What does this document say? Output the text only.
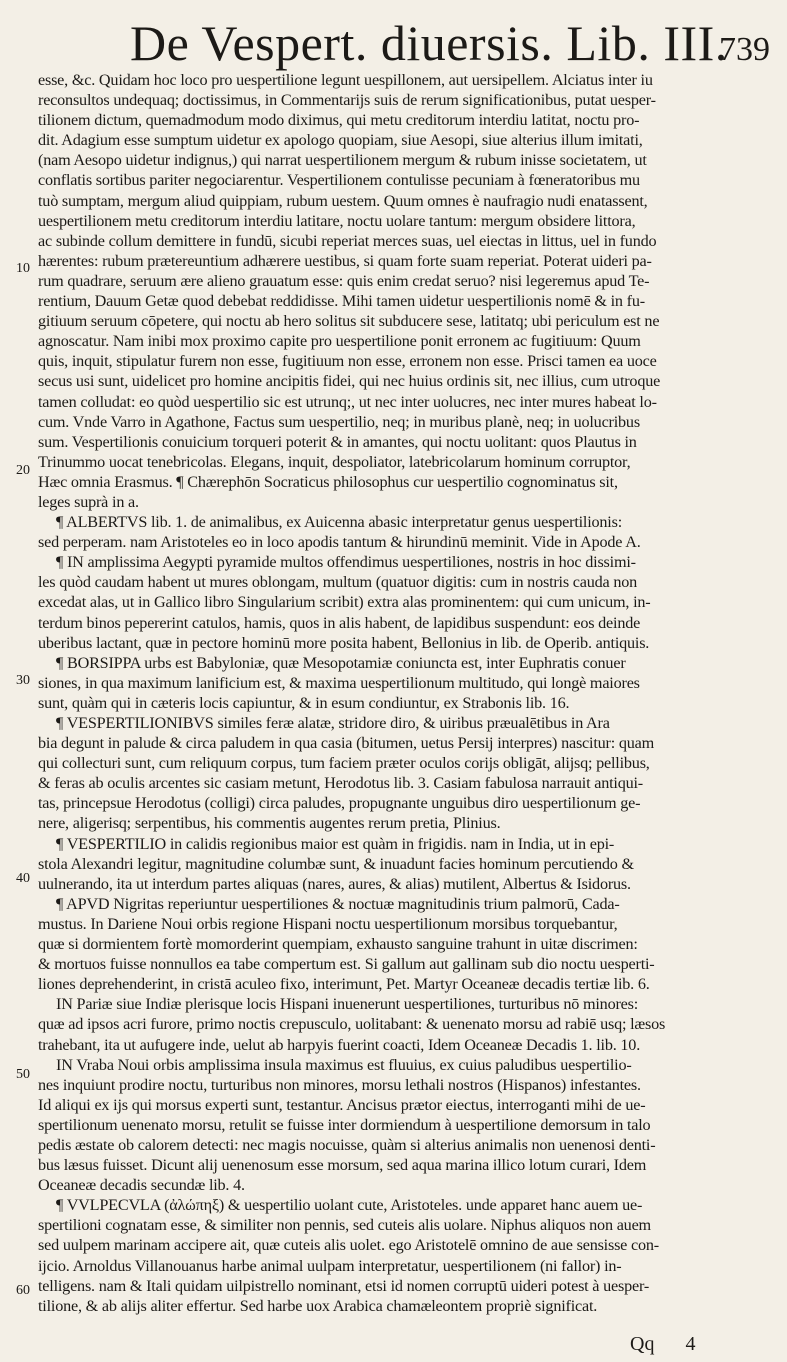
De Vespert. diuersis. Lib. III.
739
10
20
30
40
50
60
esse, &c. Quidam hoc loco pro uespertilione legunt uespillonem, aut uersipellem. Alciatus inter iu
reconsultos undequaq; doctissimus, in Commentarijs suis de rerum significationibus, putat uesper-
tilionem dictum, quemadmodum modo diximus, qui metu creditorum interdiu latitat, noctu pro-
dit. Adagium esse sumptum uidetur ex apologo quopiam, siue Aesopi, siue alterius illum imitati,
(nam Aesopo uidetur indignus,) qui narrat uespertilionem mergum & rubum inisse societatem, ut
conflatis sortibus pariter negociarentur. Vespertilionem contulisse pecuniam à fœneratoribus mu
tuò sumptam, mergum aliud quippiam, rubum uestem. Quum omnes è naufragio nudi enatassent,
uespertilionem metu creditorum interdiu latitare, noctu uolare tantum: mergum obsidere littora,
ac subinde collum demittere in fundū, sicubi reperiat merces suas, uel eiectas in littus, uel in fundo
hærentes: rubum prætereuntium adhærere uestibus, si quam forte suam reperiat. Poterat uideri pa-
rum quadrare, seruum ære alieno grauatum esse: quis enim credat seruo? nisi legeremus apud Te-
rentium, Dauum Getæ quod debebat reddidisse. Mihi tamen uidetur uespertilionis nomē & in fu-
gitiuum seruum cōpetere, qui noctu ab hero solitus sit subducere sese, latitatq; ubi periculum est ne
agnoscatur. Nam inibi mox proximo capite pro uespertilione ponit erronem ac fugitiuum: Quum
quis, inquit, stipulatur furem non esse, fugitiuum non esse, erronem non esse. Prisci tamen ea uoce
secus usi sunt, uidelicet pro homine ancipitis fidei, qui nec huius ordinis sit, nec illius, cum utroque
tamen colludat: eo quòd uespertilio sic est utrunq;, ut nec inter uolucres, nec inter mures habeat lo-
cum. Vnde Varro in Agathone, Factus sum uespertilio, neq; in muribus planè, neq; in uolucribus
sum. Vespertilionis conuicium torqueri poterit & in amantes, qui noctu uolitant: quos Plautus in
Trinummo uocat tenebricolas. Elegans, inquit, despoliator, latebricolarum hominum corruptor,
Hæc omnia Erasmus. ¶ Chærephōn Socraticus philosophus cur uespertilio cognominatus sit,
leges suprà in a.
¶ ALBERTVS lib. 1. de animalibus, ex Auicenna abasic interpretatur genus uespertilionis:
sed perperam. nam Aristoteles eo in loco apodis tantum & hirundinū meminit. Vide in Apode A.
¶ IN amplissima Aegypti pyramide multos offendimus uespertiliones, nostris in hoc dissimi-
les quòd caudam habent ut mures oblongam, multum (quatuor digitis: cum in nostris cauda non
excedat alas, ut in Gallico libro Singularium scribit) extra alas prominentem: qui cum unicum, in-
terdum binos pepererint catulos, hamis, quos in alis habent, de lapidibus suspendunt: eos deinde
uberibus lactant, quæ in pectore hominū more posita habent, Bellonius in lib. de Operib. antiquis.
¶ BORSIPPA urbs est Babyloniæ, quæ Mesopotamiæ coniuncta est, inter Euphratis conuer
siones, in qua maximum lanificium est, & maxima uespertilionum multitudo, qui longè maiores
sunt, quàm qui in cæteris locis capiuntur, & in esum condiuntur, ex Strabonis lib. 16.
¶ VESPERTILIONIBVS similes feræ alatæ, stridore diro, & uiribus præualētibus in Ara
bia degunt in palude & circa paludem in qua casia (bitumen, uetus Persij interpres) nascitur: quam
qui collecturi sunt, cum reliquum corpus, tum faciem præter oculos corijs obligāt, alijsq; pellibus,
& feras ab oculis arcentes sic casiam metunt, Herodotus lib. 3. Casiam fabulosa narrauit antiqui-
tas, princepsue Herodotus (colligi) circa paludes, propugnante unguibus diro uespertilionum ge-
nere, aligerisq; serpentibus, his commentis augentes rerum pretia, Plinius.
¶ VESPERTILIO in calidis regionibus maior est quàm in frigidis. nam in India, ut in epi-
stola Alexandri legitur, magnitudine columbæ sunt, & inuadunt facies hominum percutiendo &
uulnerando, ita ut interdum partes aliquas (nares, aures, & alias) mutilent, Albertus & Isidorus.
¶ APVD Nigritas reperiuntur uespertiliones & noctuæ magnitudinis trium palmorū, Cada-
mustus. In Dariene Noui orbis regione Hispani noctu uespertilionum morsibus torquebantur,
quæ si dormientem fortè momorderint quempiam, exhausto sanguine trahunt in uitæ discrimen:
& mortuos fuisse nonnullos ea tabe compertum est. Si gallum aut gallinam sub dio noctu uesperti-
liones deprehenderint, in cristā aculeo fixo, interimunt, Pet. Martyr Oceaneæ decadis tertiæ lib. 6.
IN Pariæ siue Indiæ plerisque locis Hispani inuenerunt uespertiliones, turturibus nō minores:
quæ ad ipsos acri furore, primo noctis crepusculo, uolitabant: & uenenato morsu ad rabiē usq; læsos
trahebant, ita ut aufugere inde, uelut ab harpyis fuerint coacti, Idem Oceaneæ Decadis 1. lib. 10.
IN Vraba Noui orbis amplissima insula maximus est fluuius, ex cuius paludibus uespertilio-
nes inquiunt prodire noctu, turturibus non minores, morsu lethali nostros (Hispanos) infestantes.
Id aliqui ex ijs qui morsus experti sunt, testantur. Ancisus prætor eiectus, interroganti mihi de ue-
spertilionum uenenato morsu, retulit se fuisse inter dormiendum à uespertilione demorsum in talo
pedis æstate ob calorem detecti: nec magis nocuisse, quàm si alterius animalis non uenenosi denti-
bus læsus fuisset. Dicunt alij uenenosum esse morsum, sed aqua marina illico lotum curari, Idem
Oceaneæ decadis secundæ lib. 4.
¶ VVLPECVLA (ἀλώπηξ) & uespertilio uolant cute, Aristoteles. unde apparet hanc auem ue-
spertilioni cognatam esse, & similiter non pennis, sed cuteis alis uolare. Niphus aliquos non auem
sed uulpem marinam accipere ait, quæ cuteis alis uolet. ego Aristotelē omnino de aue sensisse con-
ijcio. Arnoldus Villanouanus harbe animal uulpam interpretatur, uespertilionem (ni fallor) in-
telligens. nam & Itali quidam uilpistrello nominant, etsi id nomen corruptū uideri potest à uesper-
tilione, & ab alijs aliter effertur. Sed harbe uox Arabica chamæleontem propriè significat.
Qq 4
